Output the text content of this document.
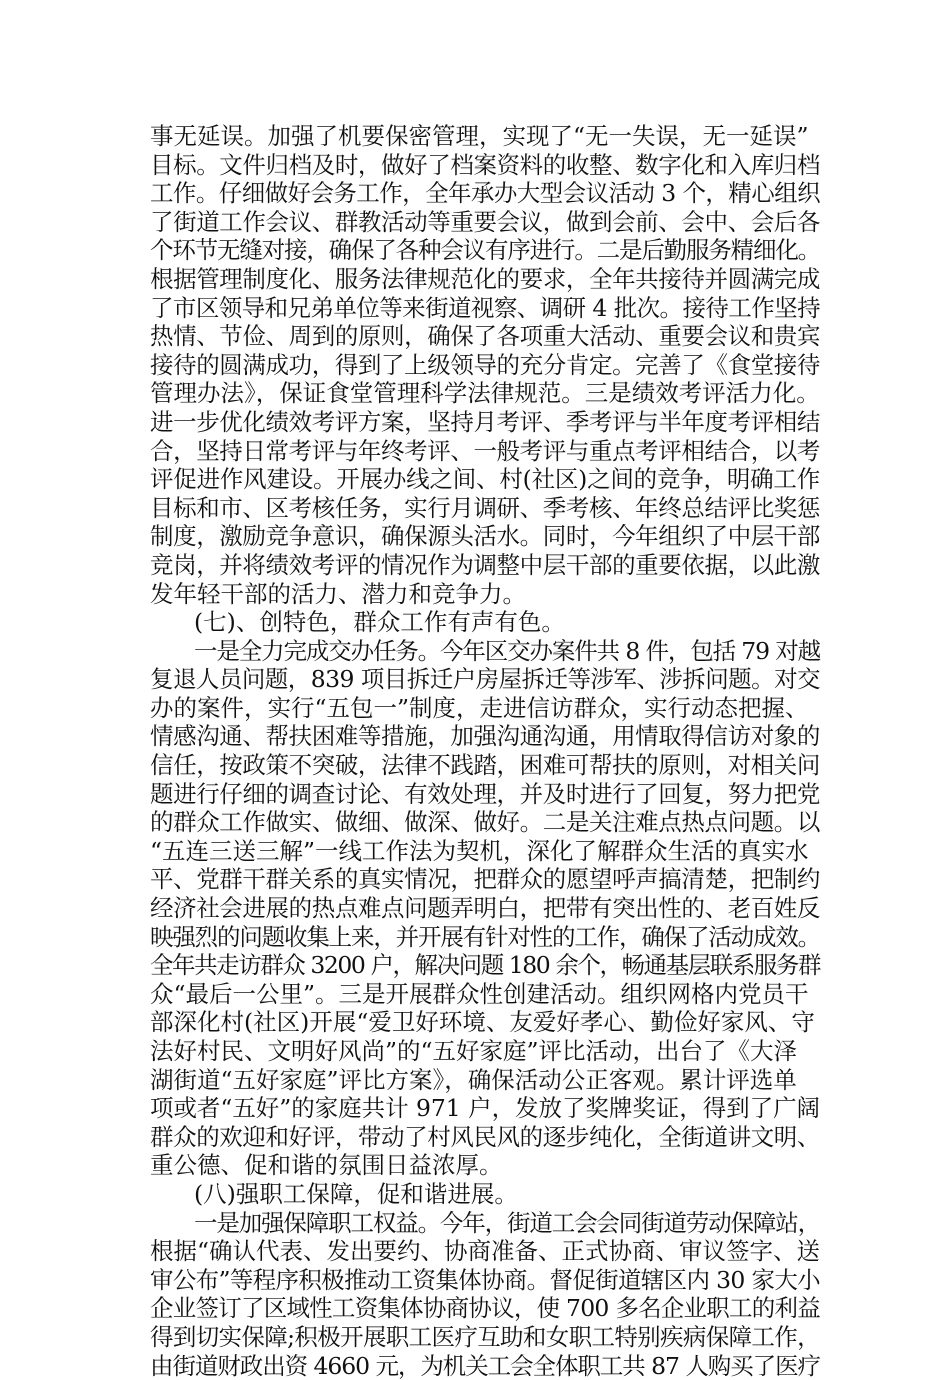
事无延误。加强了机要保密管理，实现了“无一失误，无一延误”
目标。文件归档及时，做好了档案资料的收整、数字化和入库归档
工作。仔细做好会务工作，全年承办大型会议活动 3 个，精心组织
了街道工作会议、群教活动等重要会议，做到会前、会中、会后各
个环节无缝对接，确保了各种会议有序进行。二是后勤服务精细化。
根据管理制度化、服务法律规范化的要求，全年共接待并圆满完成
了市区领导和兄弟单位等来街道视察、调研 4 批次。接待工作坚持
热情、节俭、周到的原则，确保了各项重大活动、重要会议和贵宾
接待的圆满成功，得到了上级领导的充分肯定。完善了《食堂接待
管理办法》，保证食堂管理科学法律规范。三是绩效考评活力化。
进一步优化绩效考评方案，坚持月考评、季考评与半年度考评相结
合，坚持日常考评与年终考评、一般考评与重点考评相结合，以考
评促进作风建设。开展办线之间、村(社区)之间的竞争，明确工作
目标和市、区考核任务，实行月调研、季考核、年终总结评比奖惩
制度，激励竞争意识，确保源头活水。同时，今年组织了中层干部
竞岗，并将绩效考评的情况作为调整中层干部的重要依据，以此激
发年轻干部的活力、潜力和竞争力。
(七)、创特色，群众工作有声有色。
一是全力完成交办任务。今年区交办案件共 8 件，包括 79 对越
复退人员问题，839 项目拆迁户房屋拆迁等涉军、涉拆问题。对交
办的案件，实行“五包一”制度，走进信访群众，实行动态把握、
情感沟通、帮扶困难等措施，加强沟通沟通，用情取得信访对象的
信任，按政策不突破，法律不践踏，困难可帮扶的原则，对相关问
题进行仔细的调查讨论、有效处理，并及时进行了回复，努力把党
的群众工作做实、做细、做深、做好。二是关注难点热点问题。以
“五连三送三解”一线工作法为契机，深化了解群众生活的真实水
平、党群干群关系的真实情况，把群众的愿望呼声搞清楚，把制约
经济社会进展的热点难点问题弄明白，把带有突出性的、老百姓反
映强烈的问题收集上来，并开展有针对性的工作，确保了活动成效。
全年共走访群众 3200 户，解决问题 180 余个，畅通基层联系服务群
众“最后一公里”。三是开展群众性创建活动。组织网格内党员干
部深化村(社区)开展“爱卫好环境、友爱好孝心、勤俭好家风、守
法好村民、文明好风尚”的“五好家庭”评比活动，出台了《大泽
湖街道“五好家庭”评比方案》，确保活动公正客观。累计评选单
项或者“五好”的家庭共计 971 户，发放了奖牌奖证，得到了广阔
群众的欢迎和好评，带动了村风民风的逐步纯化，全街道讲文明、
重公德、促和谐的氛围日益浓厚。
(八)强职工保障，促和谐进展。
一是加强保障职工权益。今年，街道工会会同街道劳动保障站，
根据“确认代表、发出要约、协商准备、正式协商、审议签字、送
审公布”等程序积极推动工资集体协商。督促街道辖区内 30 家大小
企业签订了区域性工资集体协商协议，使 700 多名企业职工的利益
得到切实保障;积极开展职工医疗互助和女职工特别疾病保障工作，
由街道财政出资 4660 元，为机关工会全体职工共 87 人购买了医疗
